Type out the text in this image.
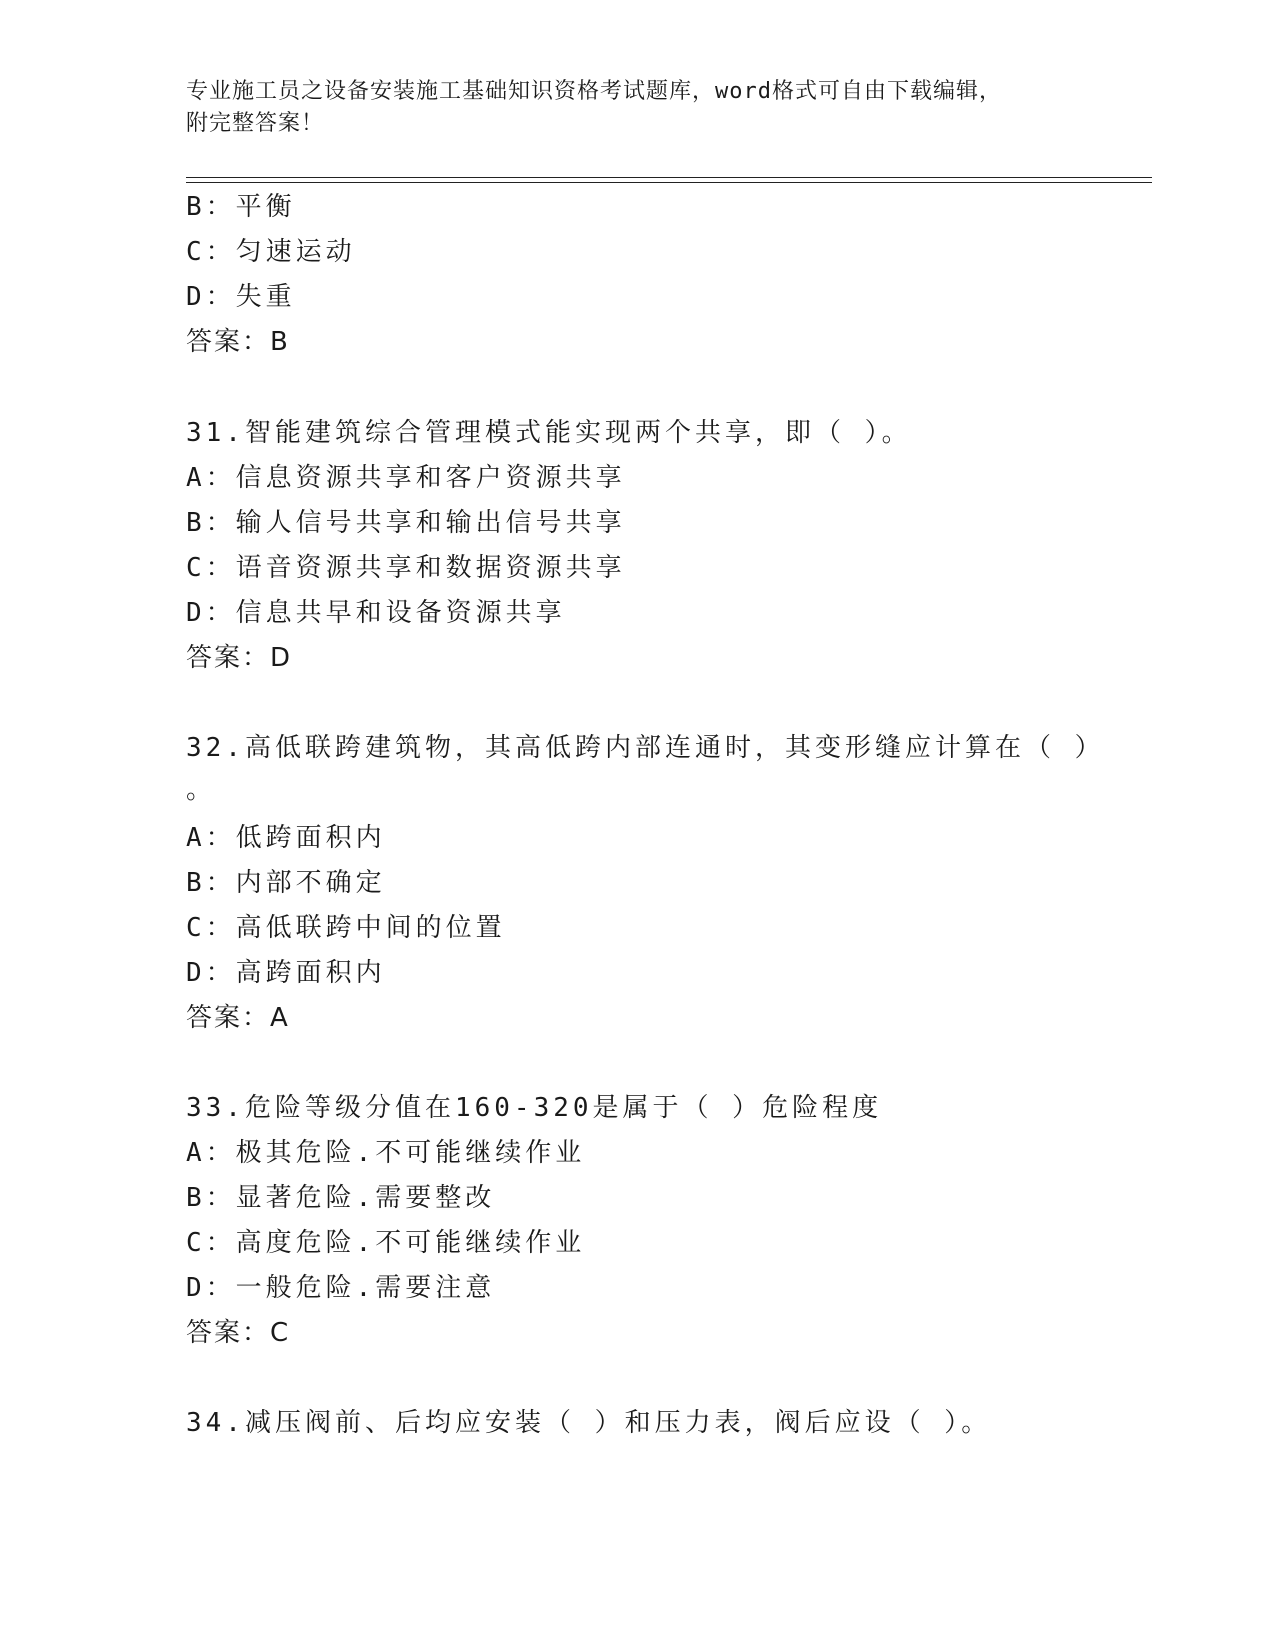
专业施工员之设备安装施工基础知识资格考试题库，word格式可自由下载编辑，
附完整答案！
B：平衡
C：匀速运动
D：失重
答案：B
31.智能建筑综合管理模式能实现两个共享，即（ ）。
A：信息资源共享和客户资源共享
B：输人信号共享和输出信号共享
C：语音资源共享和数据资源共享
D：信息共早和设备资源共享
答案：D
32.高低联跨建筑物，其高低跨内部连通时，其变形缝应计算在（ ）
。
A：低跨面积内
B：内部不确定
C：高低联跨中间的位置
D：高跨面积内
答案：A
33.危险等级分值在160-320是属于（ ）危险程度
A：极其危险.不可能继续作业
B：显著危险.需要整改
C：高度危险.不可能继续作业
D：一般危险.需要注意
答案：C
34.减压阀前、后均应安装（ ）和压力表，阀后应设（ ）。
